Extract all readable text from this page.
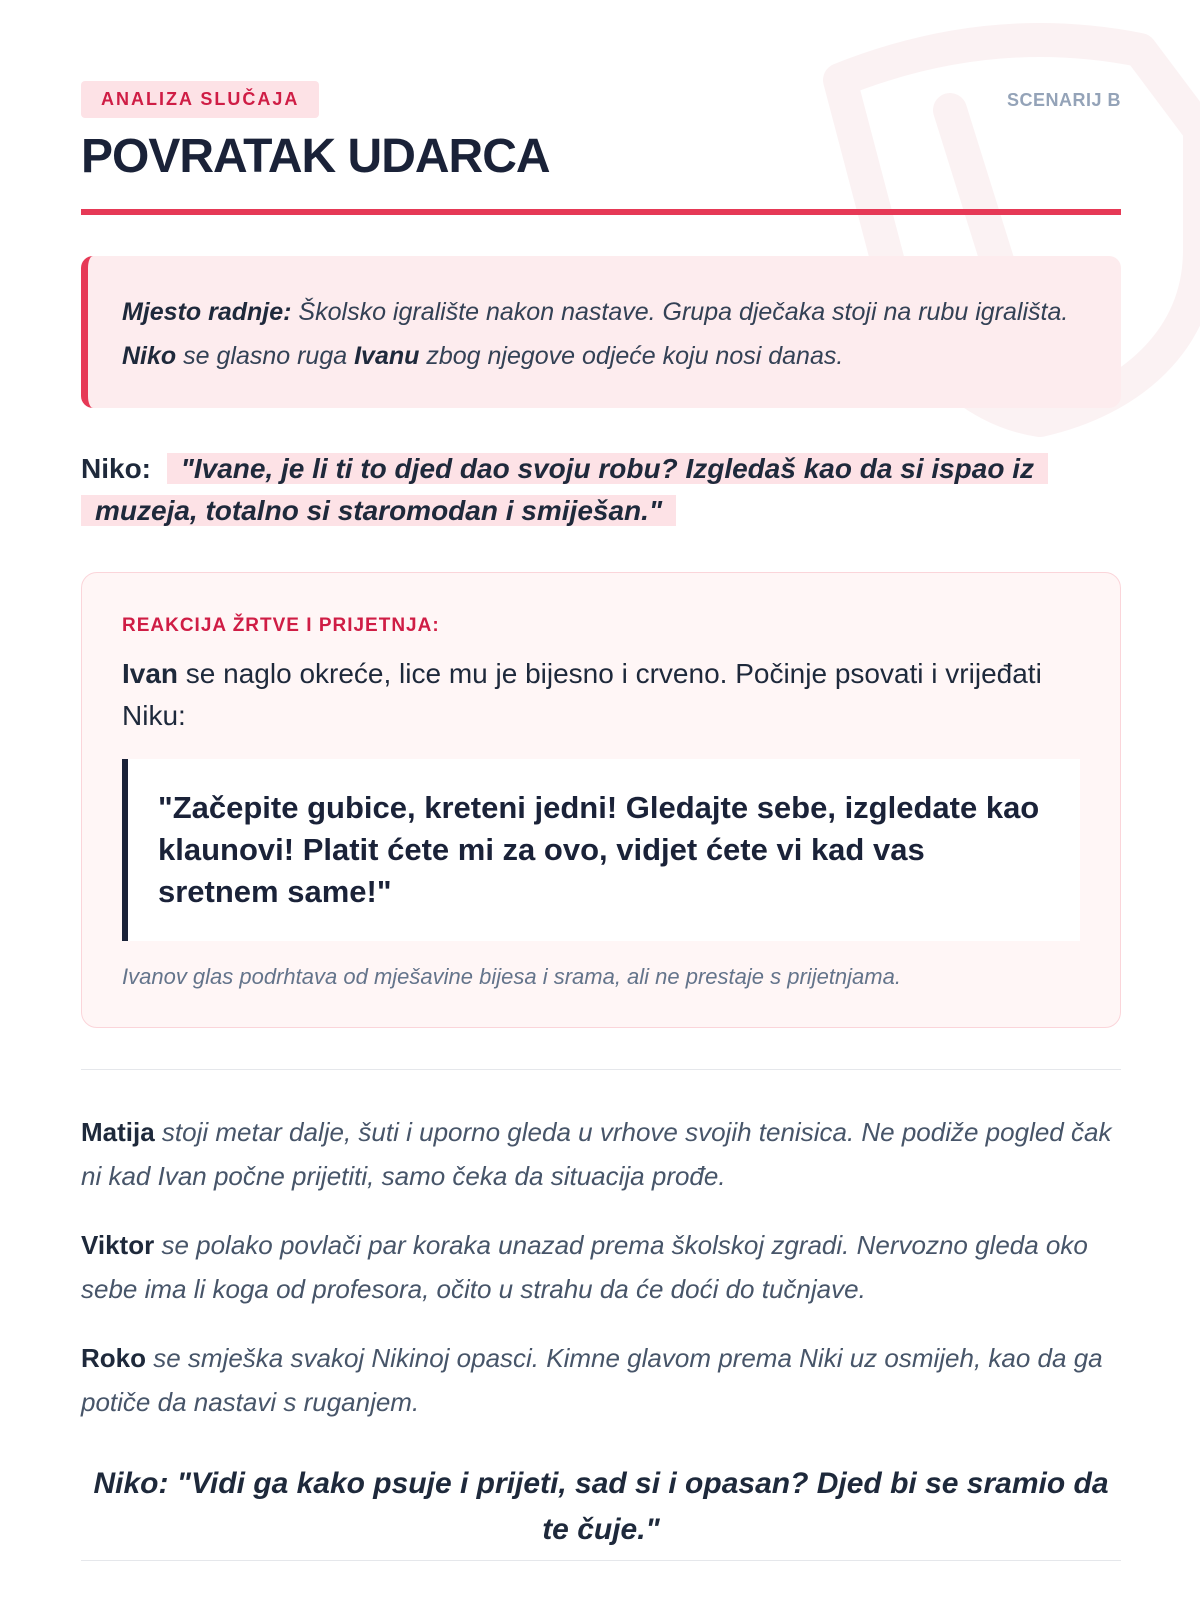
ANALIZA SLUČAJA	SCENARIJ B
POVRATAK UDARCA
Mjesto radnje: Školsko igralište nakon nastave. Grupa dječaka stoji na rubu igrališta. Niko se glasno ruga Ivanu zbog njegove odjeće koju nosi danas.
Niko: "Ivane, je li ti to djed dao svoju robu? Izgledaš kao da si ispao iz muzeja, totalno si staromodan i smiješan."
REAKCIJA ŽRTVE I PRIJETNJA:
Ivan se naglo okreće, lice mu je bijesno i crveno. Počinje psovati i vrijeđati Niku:
"Začepite gubice, kreteni jedni! Gledajte sebe, izgledate kao klaunovi! Platit ćete mi za ovo, vidjet ćete vi kad vas sretnem same!"
Ivanov glas podrhtava od mješavine bijesa i srama, ali ne prestaje s prijetnjama.

Matija stoji metar dalje, šuti i uporno gleda u vrhove svojih tenisica. Ne podiže pogled čak ni kad Ivan počne prijetiti, samo čeka da situacija prođe.

Viktor se polako povlači par koraka unazad prema školskoj zgradi. Nervozno gleda oko sebe ima li koga od profesora, očito u strahu da će doći do tučnjave.

Roko se smješka svakoj Nikinoj opasci. Kimne glavom prema Niki uz osmijeh, kao da ga potiče da nastavi s ruganjem.

Niko: "Vidi ga kako psuje i prijeti, sad si i opasan? Djed bi se sramio da te čuje."
